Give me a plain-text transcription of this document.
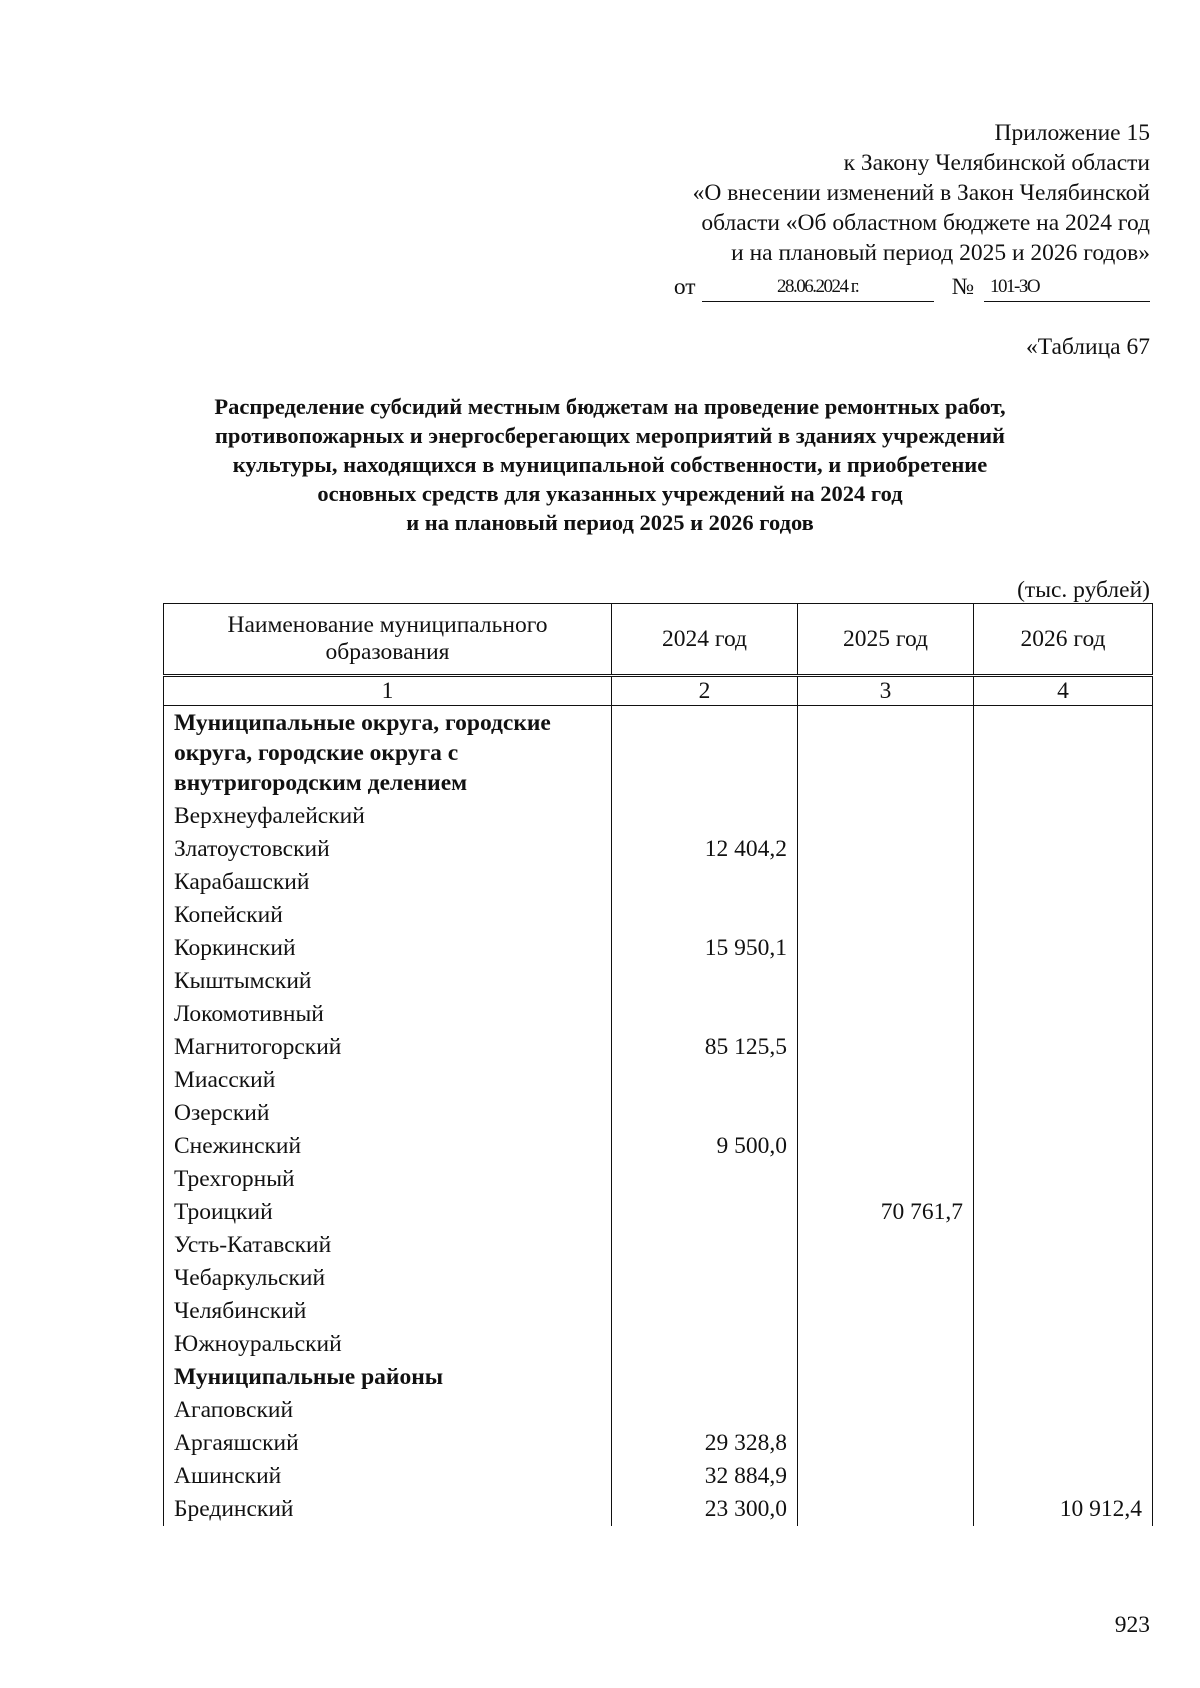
Приложение 15
к Закону Челябинской области
«О внесении изменений в Закон Челябинской
области «Об областном бюджете на 2024 год
и на плановый период 2025 и 2026 годов»
от	28.06.2024 г.	№ 101-ЗО
«Таблица 67
Распределение субсидий местным бюджетам на проведение ремонтных работ,
противопожарных и энергосберегающих мероприятий в зданиях учреждений
культуры, находящихся в муниципальной собственности, и приобретение
основных средств для указанных учреждений на 2024 год
и на плановый период 2025 и 2026 годов
(тыс. рублей)
Наименование муниципального образования	2024 год	2025 год	2026 год
1	2	3	4
Муниципальные округа, городские округа, городские округа с внутригородским делением			
Верхнеуфалейский			
Златоустовский	12 404,2		
Карабашский			
Копейский			
Коркинский	15 950,1		
Кыштымский			
Локомотивный			
Магнитогорский	85 125,5		
Миасский			
Озерский			
Снежинский	9 500,0		
Трехгорный			
Троицкий		70 761,7	
Усть-Катавский			
Чебаркульский			
Челябинский			
Южноуральский			
Муниципальные районы			
Агаповский			
Аргаяшский	29 328,8		
Ашинский	32 884,9		
Брединский	23 300,0		10 912,4
923
